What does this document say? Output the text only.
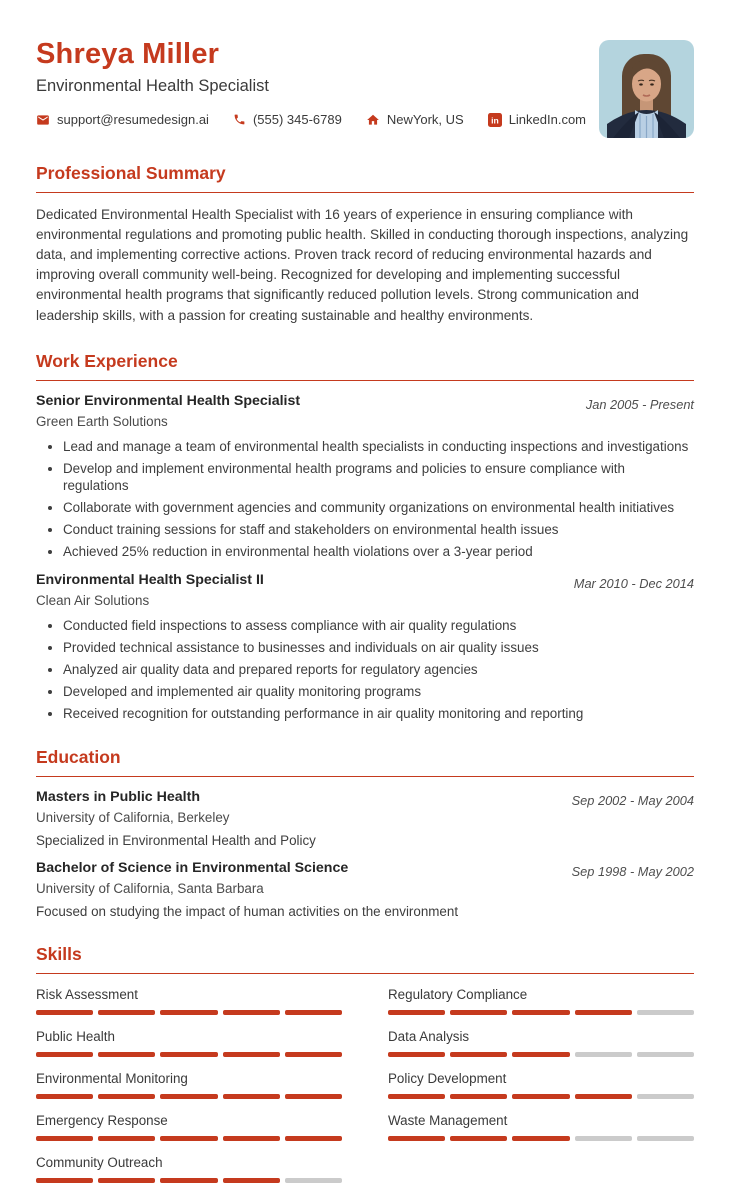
Shreya Miller
Environmental Health Specialist
support@resumedesign.ai	(555) 345-6789	NewYork, US	in LinkedIn.com
Professional Summary
Dedicated Environmental Health Specialist with 16 years of experience in ensuring compliance with environmental regulations and promoting public health. Skilled in conducting thorough inspections, analyzing data, and implementing corrective actions. Proven track record of reducing environmental hazards and improving overall community well-being. Recognized for developing and implementing successful environmental health programs that significantly reduced pollution levels. Strong communication and leadership skills, with a passion for creating sustainable and healthy environments.
Work Experience
Senior Environmental Health Specialist
Green Earth Solutions
Jan 2005 - Present
• Lead and manage a team of environmental health specialists in conducting inspections and investigations
• Develop and implement environmental health programs and policies to ensure compliance with regulations
• Collaborate with government agencies and community organizations on environmental health initiatives
• Conduct training sessions for staff and stakeholders on environmental health issues
• Achieved 25% reduction in environmental health violations over a 3-year period
Environmental Health Specialist II
Clean Air Solutions
Mar 2010 - Dec 2014
• Conducted field inspections to assess compliance with air quality regulations
• Provided technical assistance to businesses and individuals on air quality issues
• Analyzed air quality data and prepared reports for regulatory agencies
• Developed and implemented air quality monitoring programs
• Received recognition for outstanding performance in air quality monitoring and reporting
Education
Masters in Public Health
University of California, Berkeley
Sep 2002 - May 2004
Specialized in Environmental Health and Policy
Bachelor of Science in Environmental Science
University of California, Santa Barbara
Sep 1998 - May 2002
Focused on studying the impact of human activities on the environment
Skills
Risk Assessment
Public Health
Environmental Monitoring
Emergency Response
Community Outreach
Regulatory Compliance
Data Analysis
Policy Development
Waste Management
